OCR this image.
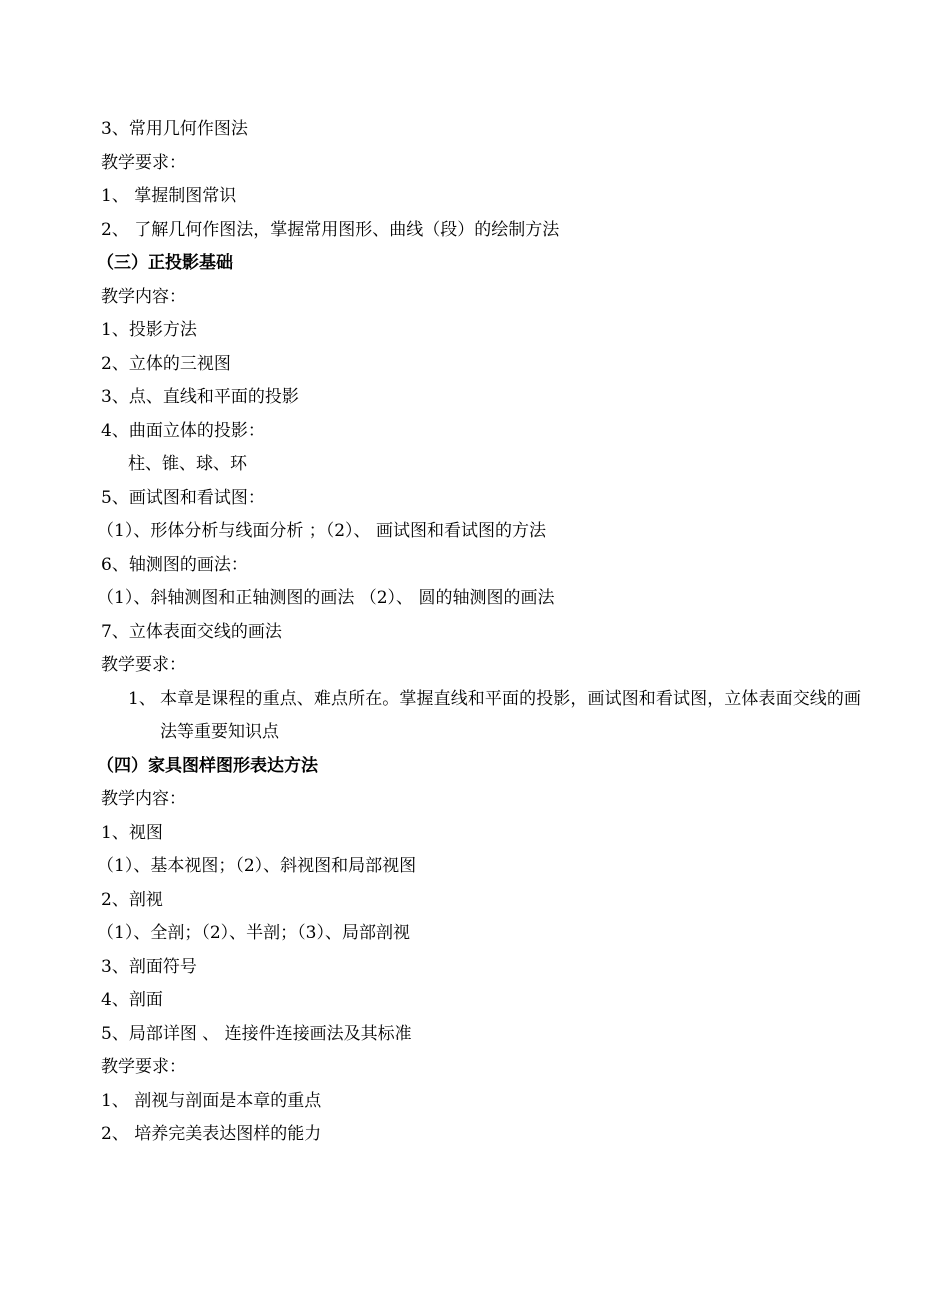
3、常用几何作图法
教学要求：
1、 掌握制图常识
2、 了解几何作图法，掌握常用图形、曲线（段）的绘制方法
（三）正投影基础
教学内容：
1、投影方法
2、立体的三视图
3、点、直线和平面的投影
4、曲面立体的投影：
柱、锥、球、环
5、画试图和看试图：
（1）、形体分析与线面分析 ；（2）、 画试图和看试图的方法
6、轴测图的画法：
（1）、斜轴测图和正轴测图的画法 （2）、 圆的轴测图的画法
7、立体表面交线的画法
教学要求：
1、 本章是课程的重点、难点所在。掌握直线和平面的投影，画试图和看试图，立体表面交线的画法等重要知识点
（四）家具图样图形表达方法
教学内容：
1、视图
（1）、基本视图；（2）、斜视图和局部视图
2、剖视
（1）、全剖；（2）、半剖；（3）、局部剖视
3、剖面符号
4、剖面
5、局部详图 、 连接件连接画法及其标准
教学要求：
1、 剖视与剖面是本章的重点
2、 培养完美表达图样的能力
